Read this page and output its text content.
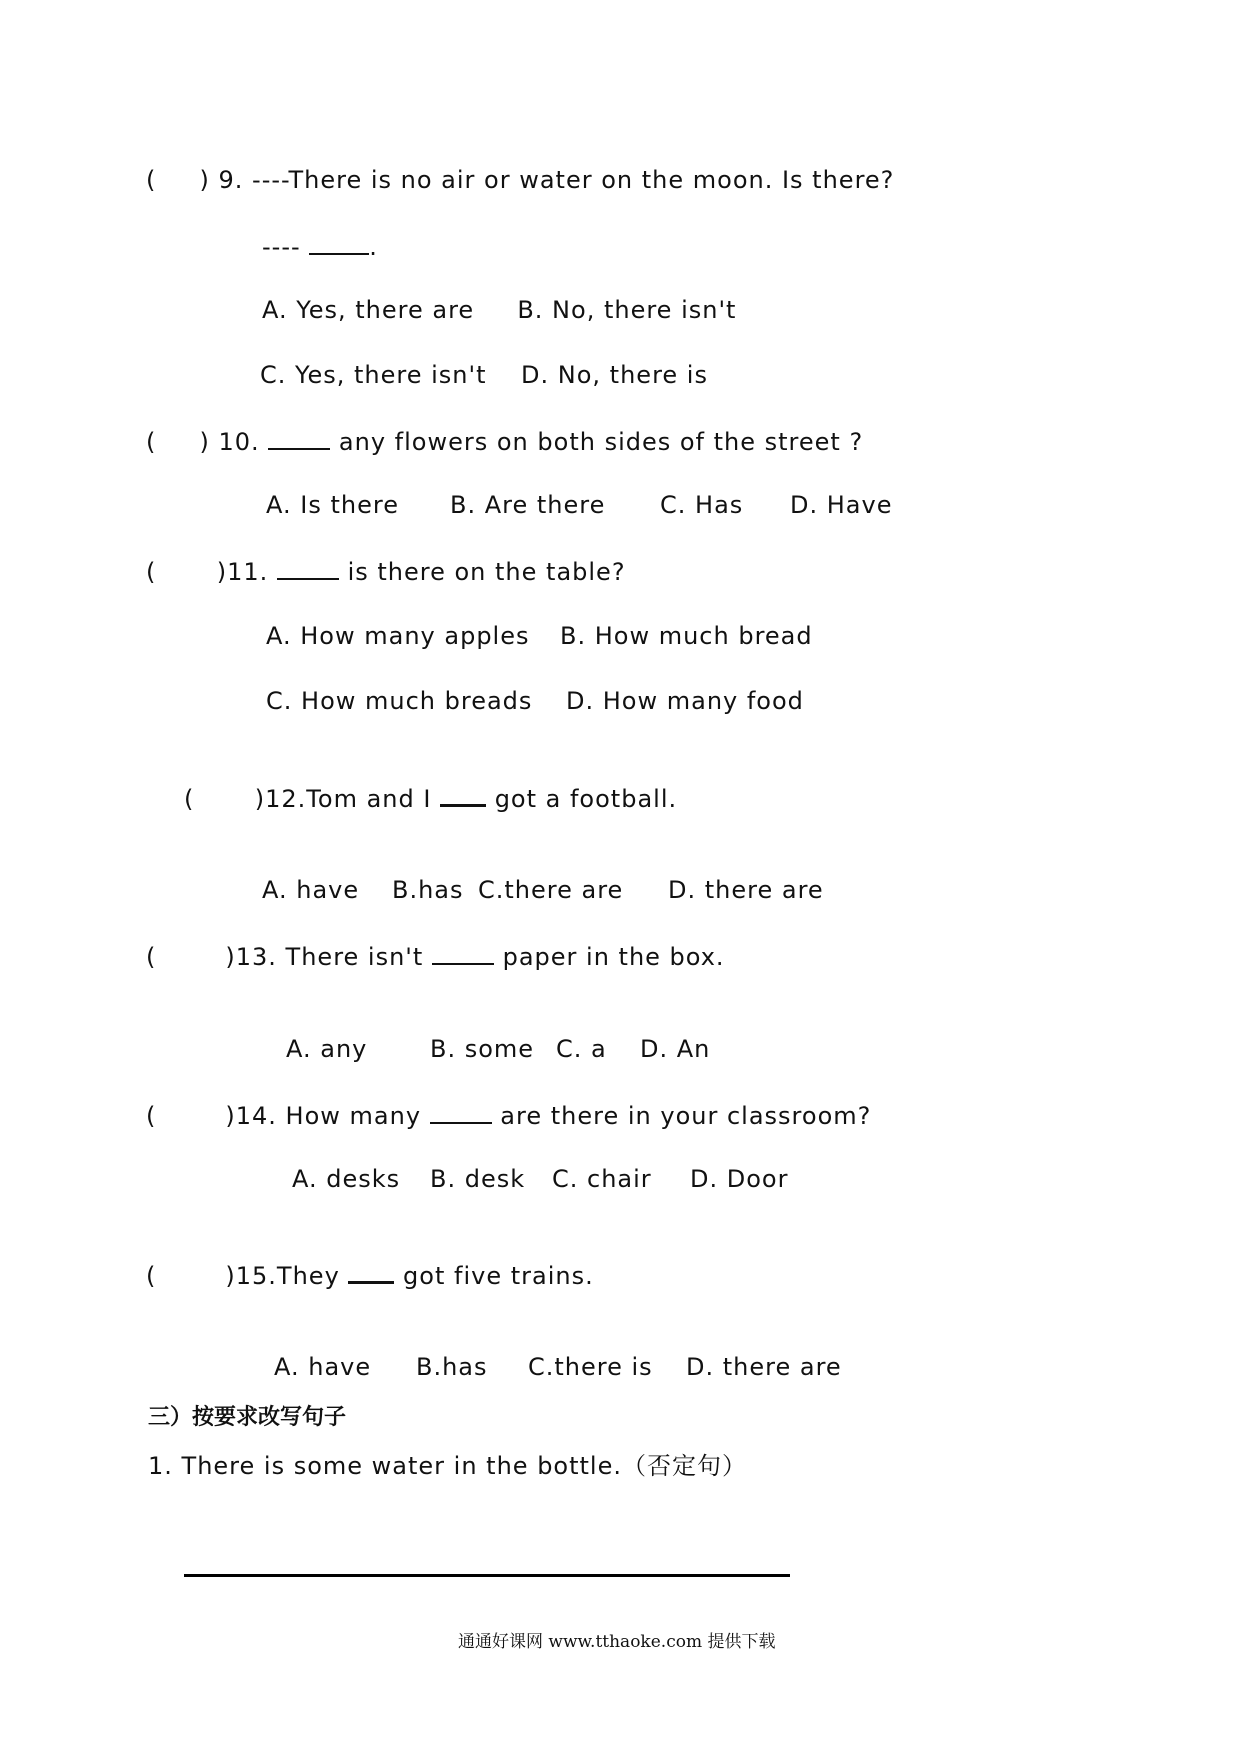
(     ) 9. ----There is no air or water on the moon. Is there?
----	.
A. Yes, there are     B. No, there isn't
C. Yes, there isn't    D. No, there is
(     ) 10.	any flowers on both sides of the street ?
A. Is there B. Are there C. Has D. Have
(       )11.	is there on the table?
A. How many apples B. How much bread
C. How much breads D. How many food
(       )12.Tom and I  got a football.
A. have B.has C.there are D. there are
(        )13. There isn't	paper in the box.
A. any	B. some C. a D. An
(        )14. How many	are there in your classroom?
A. desks B. desk C. chair D. Door
(        )15.They  got five trains.
A. have B.has C.there is D. there are
三）按要求改写句子
1. There is some water in the bottle.（否定句）
通通好课网 www.tthaoke.com 提供下载
